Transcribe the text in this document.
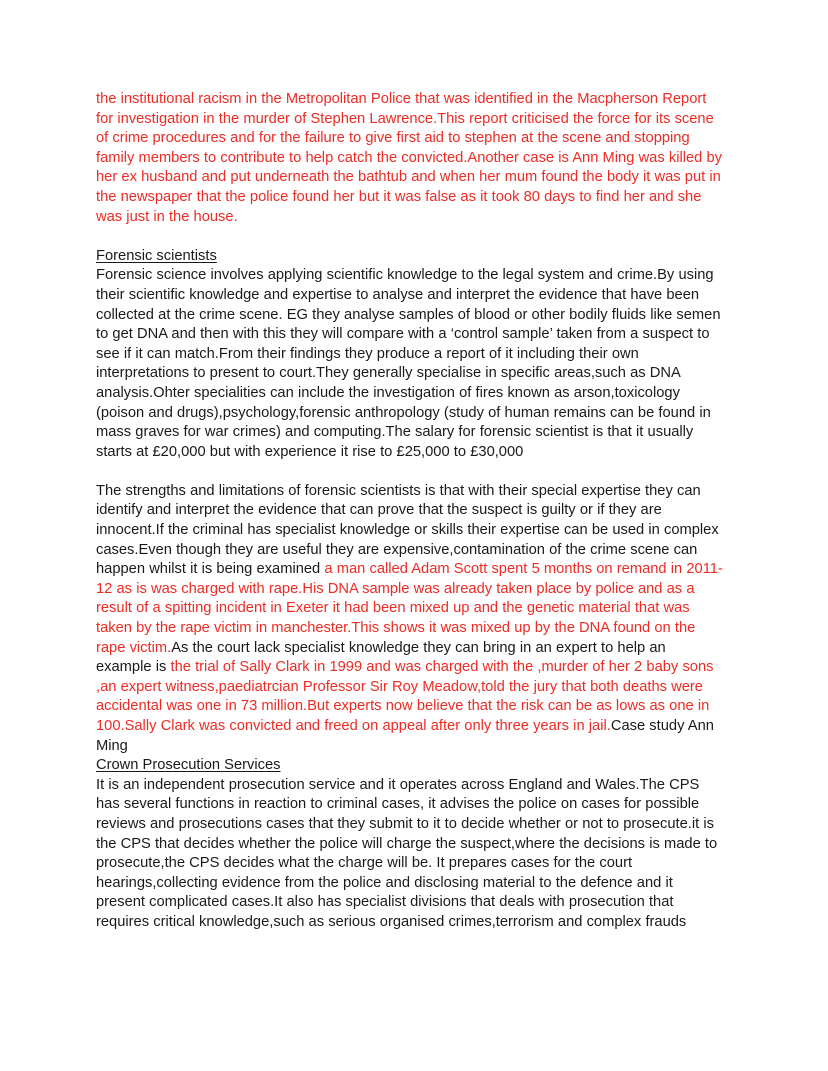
the institutional racism in the Metropolitan Police that was identified in the Macpherson Report for investigation in the murder of Stephen Lawrence.This report criticised the force for its scene of crime procedures and for the failure to give first aid to stephen at the scene and stopping family members to contribute to help catch the convicted.Another case is Ann Ming was killed by her ex husband and put underneath the bathtub and when her mum found the body it was put in the newspaper that the police found her but it was false as it took 80 days to find her and she was just in the house.

Forensic scientists

Forensic science involves applying scientific knowledge to the legal system and crime.By using their scientific knowledge and expertise to analyse and interpret the evidence that have been collected at the crime scene. EG they analyse samples of blood or other bodily fluids like semen to get DNA and then with this they will compare with a ‘control sample’ taken from a suspect to see if it can match.From their findings they produce a report of it including their own interpretations to present to court.They generally specialise in specific areas,such as DNA analysis.Ohter specialities can include the investigation of fires known as arson,toxicology (poison and drugs),psychology,forensic anthropology (study of human remains can be found in mass graves for war crimes) and computing.The salary for forensic scientist is that it usually starts at £20,000 but with experience it rise to £25,000 to £30,000

The strengths and limitations of forensic scientists is that with their special expertise they can identify and interpret the evidence that can prove that the suspect is guilty or if they are innocent.If the criminal has specialist knowledge or skills their expertise can be used in complex cases.Even though they are useful they are expensive,contamination of the crime scene can happen whilst it is being examined a man called Adam Scott spent 5 months on remand in 2011-12 as is was charged with rape.His DNA sample was already taken place by police and as a result of a spitting incident in Exeter it had been mixed up and the genetic material that was taken by the rape victim in manchester.This shows it was mixed up by the DNA found on the rape victim.As the court lack specialist knowledge they can bring in an expert to help an example is the trial of Sally Clark in 1999 and was charged with the ,murder of her 2 baby sons ,an expert witness,paediatrcian Professor Sir Roy Meadow,told the jury that both deaths were accidental was one in 73 million.But experts now believe that the risk can be as lows as one in 100.Sally Clark was convicted and freed on appeal after only three years in jail.Case study Ann Ming

Crown Prosecution Services

It is an independent prosecution service and it operates across England and Wales.The CPS has several functions in reaction to criminal cases, it advises the police on cases for possible reviews and prosecutions cases that they submit to it to decide whether or not to prosecute.it is the CPS that decides whether the police will charge the suspect,where the decisions is made to prosecute,the CPS decides what the charge will be. It prepares cases for the court hearings,collecting evidence from the police and disclosing material to the defence and it present complicated cases.It also has specialist divisions that deals with prosecution that requires critical knowledge,such as serious organised crimes,terrorism and complex frauds
